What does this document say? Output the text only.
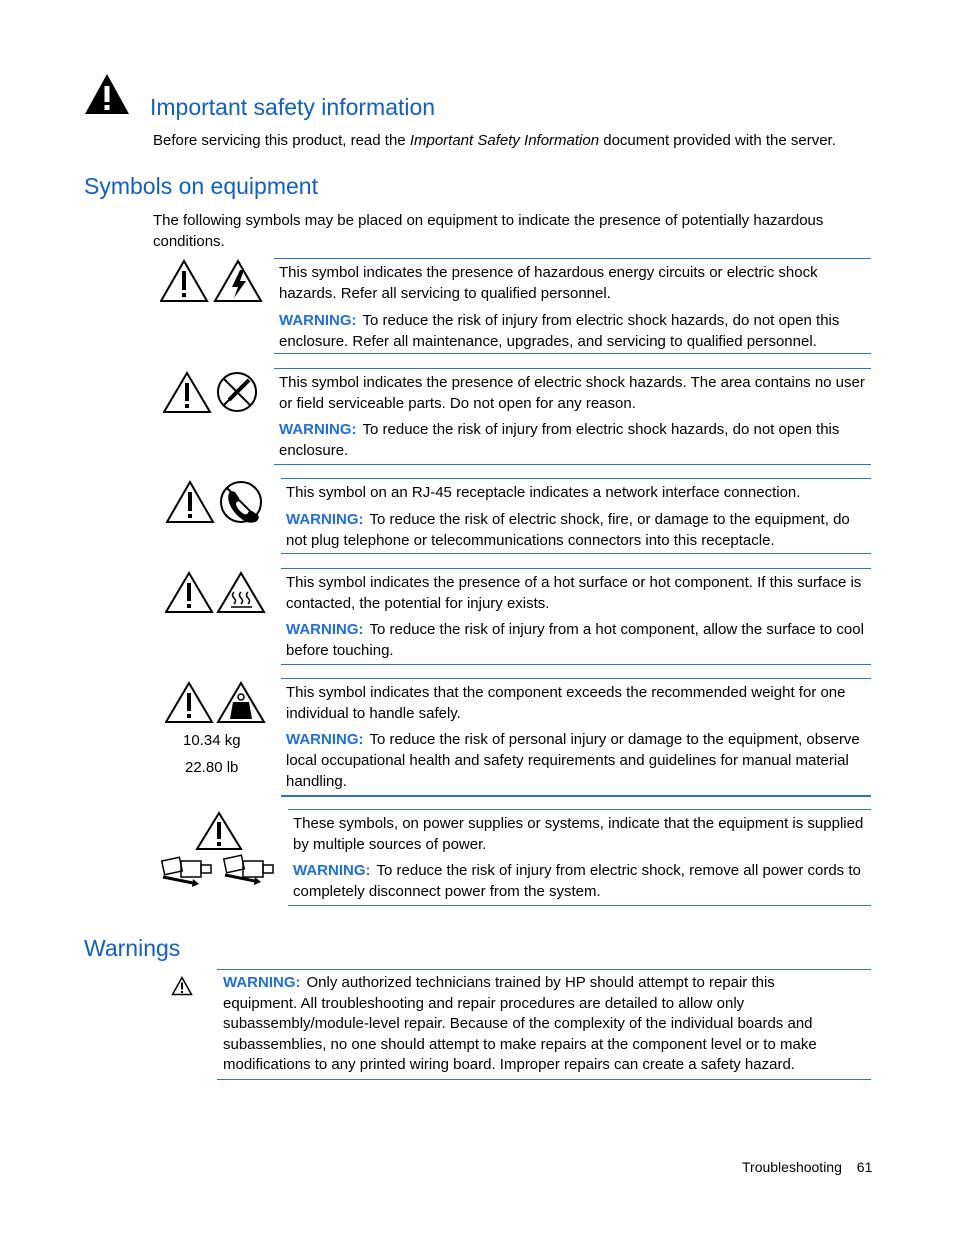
Important safety information

Before servicing this product, read the Important Safety Information document provided with the server.

Symbols on equipment

The following symbols may be placed on equipment to indicate the presence of potentially hazardous conditions.

This symbol indicates the presence of hazardous energy circuits or electric shock hazards. Refer all servicing to qualified personnel.

WARNING: To reduce the risk of injury from electric shock hazards, do not open this enclosure. Refer all maintenance, upgrades, and servicing to qualified personnel.

This symbol indicates the presence of electric shock hazards. The area contains no user or field serviceable parts. Do not open for any reason.

WARNING: To reduce the risk of injury from electric shock hazards, do not open this enclosure.

This symbol on an RJ-45 receptacle indicates a network interface connection.

WARNING: To reduce the risk of electric shock, fire, or damage to the equipment, do not plug telephone or telecommunications connectors into this receptacle.

This symbol indicates the presence of a hot surface or hot component. If this surface is contacted, the potential for injury exists.

WARNING: To reduce the risk of injury from a hot component, allow the surface to cool before touching.

10.34 kg
22.80 lb

This symbol indicates that the component exceeds the recommended weight for one individual to handle safely.

WARNING: To reduce the risk of personal injury or damage to the equipment, observe local occupational health and safety requirements and guidelines for manual material handling.

These symbols, on power supplies or systems, indicate that the equipment is supplied by multiple sources of power.

WARNING: To reduce the risk of injury from electric shock, remove all power cords to completely disconnect power from the system.

Warnings

WARNING: Only authorized technicians trained by HP should attempt to repair this equipment. All troubleshooting and repair procedures are detailed to allow only subassembly/module-level repair. Because of the complexity of the individual boards and subassemblies, no one should attempt to make repairs at the component level or to make modifications to any printed wiring board. Improper repairs can create a safety hazard.

Troubleshooting 61
